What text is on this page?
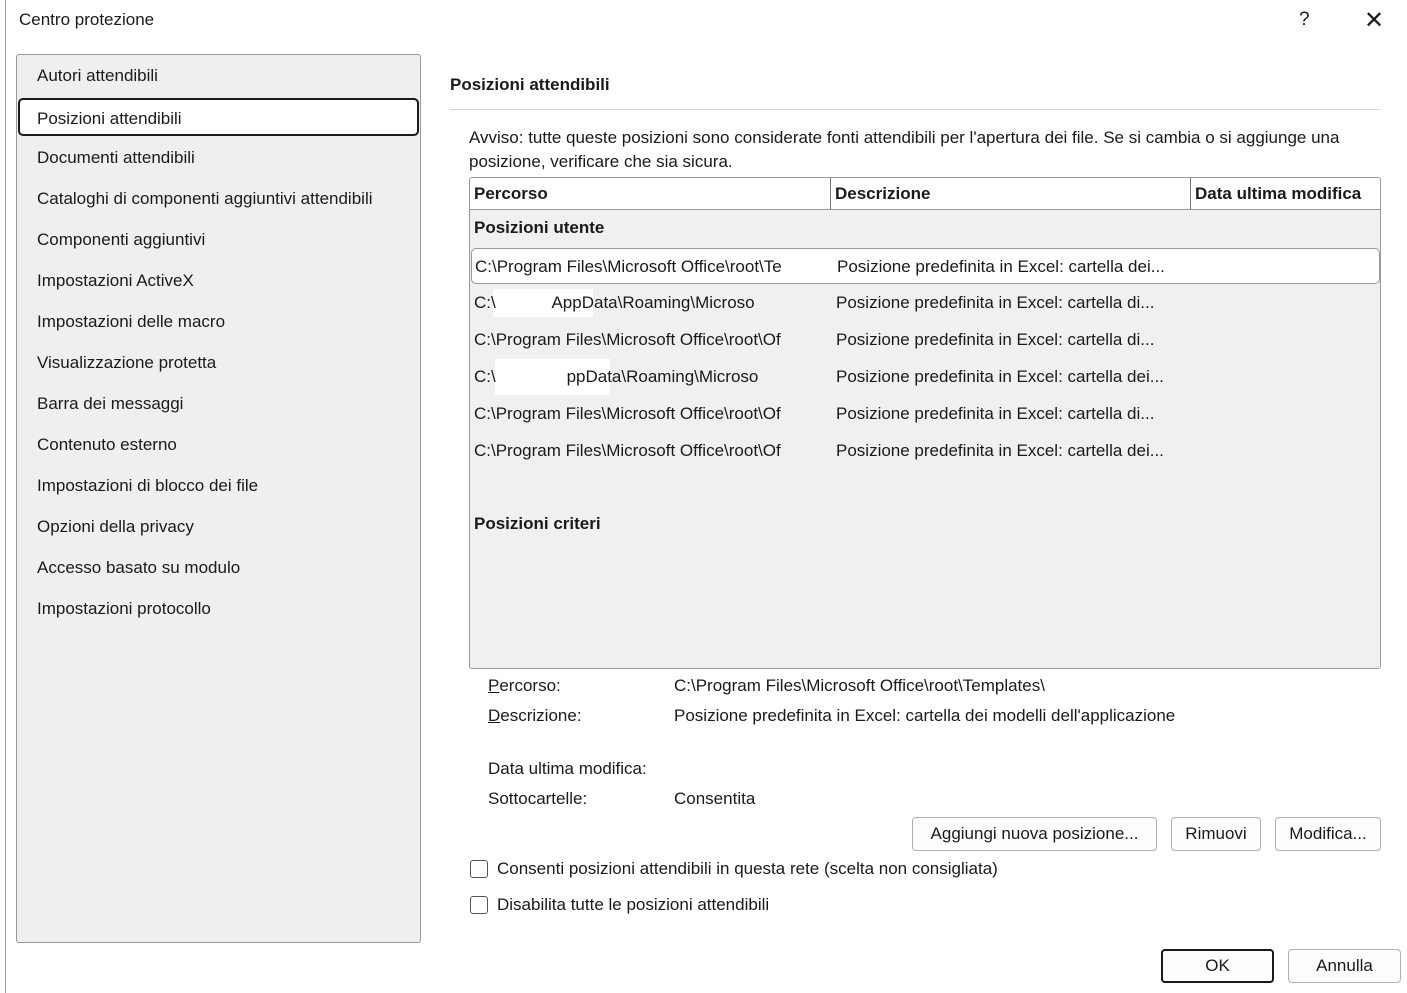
Centro protezione	? ✕
Autori attendibili
Posizioni attendibili
Documenti attendibili
Cataloghi di componenti aggiuntivi attendibili
Componenti aggiuntivi
Impostazioni ActiveX
Impostazioni delle macro
Visualizzazione protetta
Barra dei messaggi
Contenuto esterno
Impostazioni di blocco dei file
Opzioni della privacy
Accesso basato su modulo
Impostazioni protocollo
Posizioni attendibili
Avviso: tutte queste posizioni sono considerate fonti attendibili per l'apertura dei file. Se si cambia o si aggiunge una posizione, verificare che sia sicura.
Percorso	Descrizione	Data ultima modifica
Posizioni utente
C:\Program Files\Microsoft Office\root\Te	Posizione predefinita in Excel: cartella dei...
C:\            AppData\Roaming\Microso	Posizione predefinita in Excel: cartella di...
C:\Program Files\Microsoft Office\root\Of	Posizione predefinita in Excel: cartella di...
C:\               ppData\Roaming\Microso	Posizione predefinita in Excel: cartella dei...
C:\Program Files\Microsoft Office\root\Of	Posizione predefinita in Excel: cartella di...
C:\Program Files\Microsoft Office\root\Of	Posizione predefinita in Excel: cartella dei...
Posizioni criteri
Percorso:	C:\Program Files\Microsoft Office\root\Templates\
Descrizione:	Posizione predefinita in Excel: cartella dei modelli dell'applicazione
Data ultima modifica:
Sottocartelle:	Consentita
Aggiungi nuova posizione...	Rimuovi	Modifica...
Consenti posizioni attendibili in questa rete (scelta non consigliata)
Disabilita tutte le posizioni attendibili
OK	Annulla
